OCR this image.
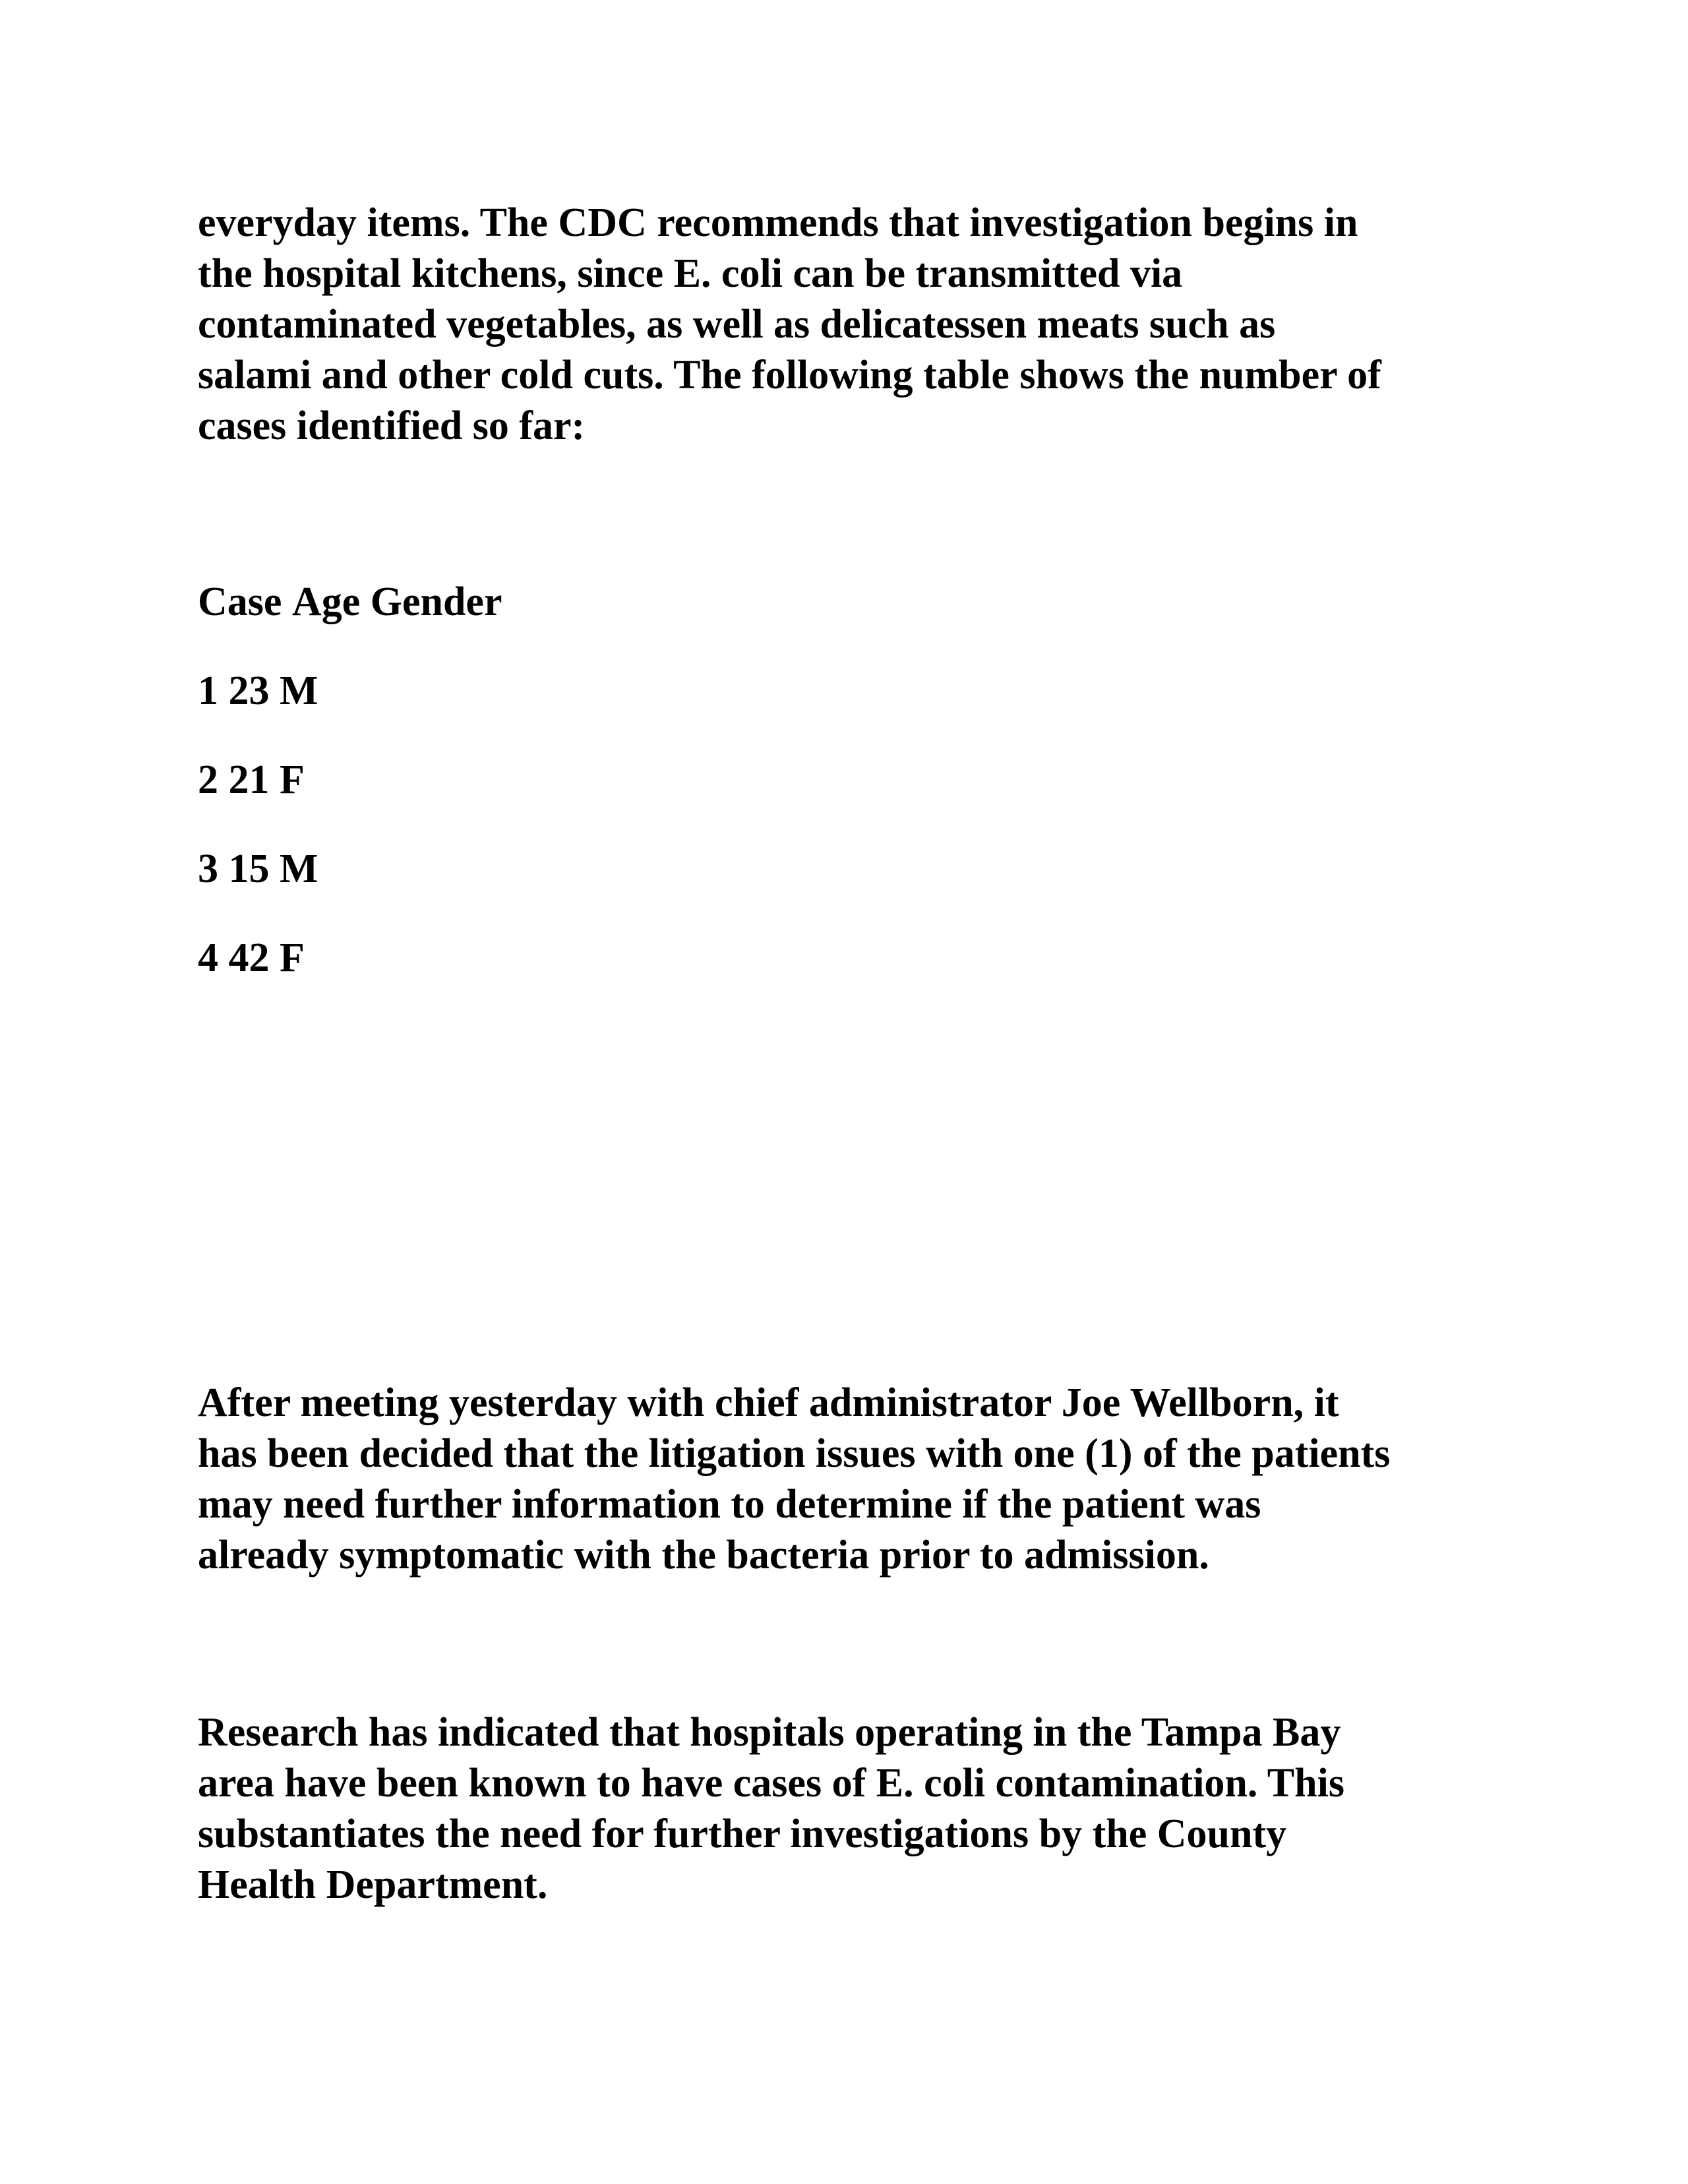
everyday items. The CDC recommends that investigation begins in
the hospital kitchens, since E. coli can be transmitted via
contaminated vegetables, as well as delicatessen meats such as
salami and other cold cuts. The following table shows the number of
cases identified so far:

Case Age Gender
1 23 M
2 21 F
3 15 M
4 42 F

After meeting yesterday with chief administrator Joe Wellborn, it
has been decided that the litigation issues with one (1) of the patients
may need further information to determine if the patient was
already symptomatic with the bacteria prior to admission.

Research has indicated that hospitals operating in the Tampa Bay
area have been known to have cases of E. coli contamination. This
substantiates the need for further investigations by the County
Health Department.
